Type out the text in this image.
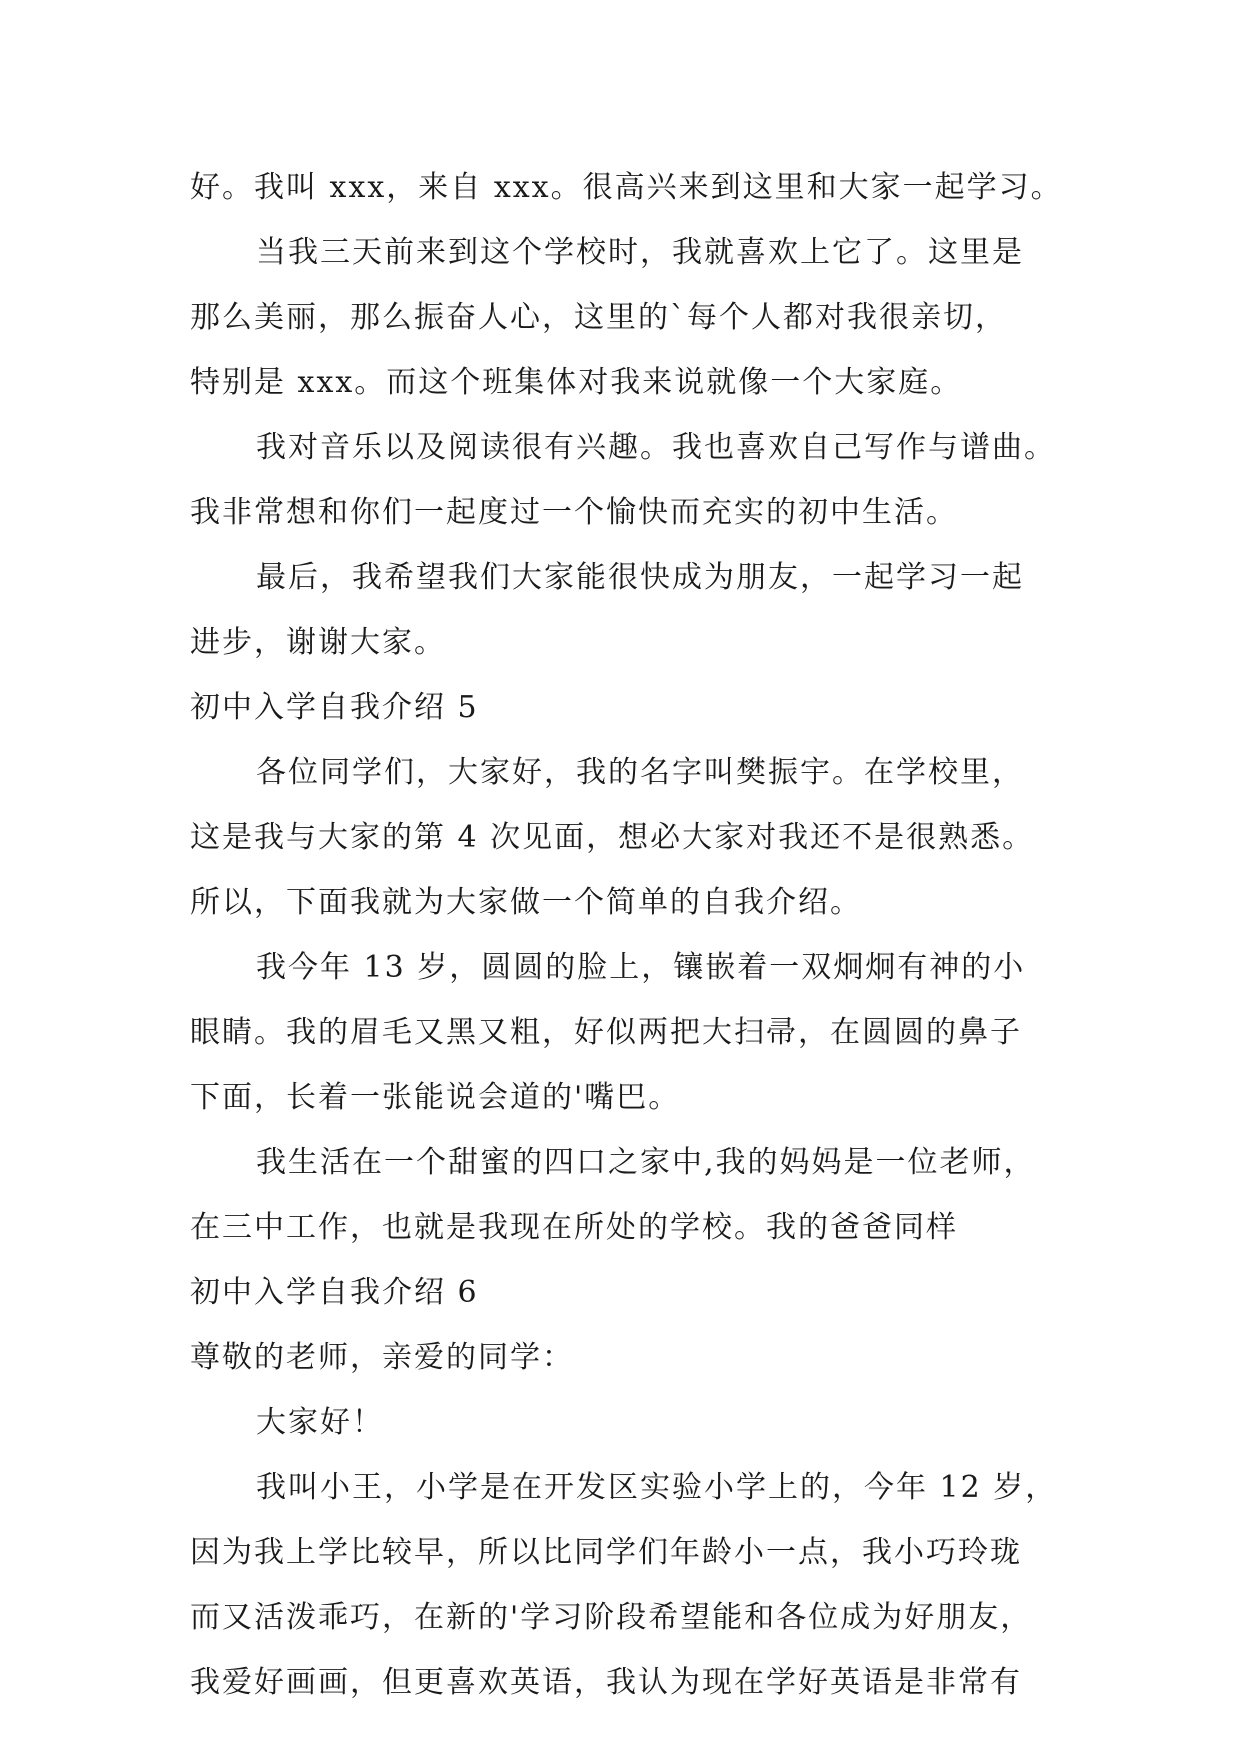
好。我叫 xxx，来自 xxx。很高兴来到这里和大家一起学习。
当我三天前来到这个学校时，我就喜欢上它了。这里是
那么美丽，那么振奋人心，这里的`每个人都对我很亲切，
特别是 xxx。而这个班集体对我来说就像一个大家庭。
我对音乐以及阅读很有兴趣。我也喜欢自己写作与谱曲。
我非常想和你们一起度过一个愉快而充实的初中生活。
最后，我希望我们大家能很快成为朋友，一起学习一起
进步，谢谢大家。
初中入学自我介绍 5
各位同学们，大家好，我的名字叫樊振宇。在学校里，
这是我与大家的第 4 次见面，想必大家对我还不是很熟悉。
所以，下面我就为大家做一个简单的自我介绍。
我今年 13 岁，圆圆的脸上，镶嵌着一双炯炯有神的小
眼睛。我的眉毛又黑又粗，好似两把大扫帚，在圆圆的鼻子
下面，长着一张能说会道的'嘴巴。
我生活在一个甜蜜的四口之家中,我的妈妈是一位老师，
在三中工作，也就是我现在所处的学校。我的爸爸同样
初中入学自我介绍 6
尊敬的老师，亲爱的同学：
大家好！
我叫小王，小学是在开发区实验小学上的，今年 12 岁，
因为我上学比较早，所以比同学们年龄小一点，我小巧玲珑
而又活泼乖巧，在新的'学习阶段希望能和各位成为好朋友，
我爱好画画，但更喜欢英语，我认为现在学好英语是非常有
